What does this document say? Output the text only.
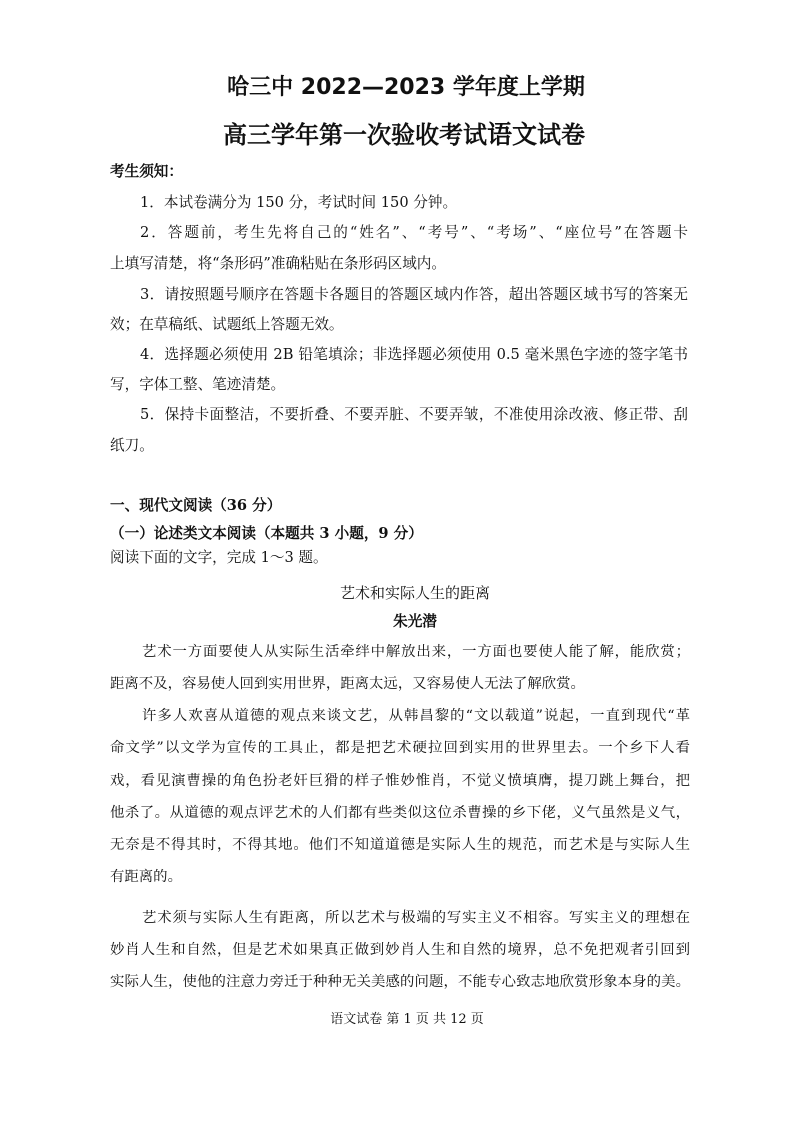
哈三中 2022—2023 学年度上学期
高三学年第一次验收考试语文试卷
考生须知：
1．本试卷满分为 150 分，考试时间 150 分钟。
2．答题前，考生先将自己的“姓名”、“考号”、“考场”、“座位号”在答题卡
上填写清楚，将“条形码”准确粘贴在条形码区域内。
3．请按照题号顺序在答题卡各题目的答题区域内作答，超出答题区域书写的答案无
效；在草稿纸、试题纸上答题无效。
4．选择题必须使用 2B 铅笔填涂；非选择题必须使用 0.5 毫米黑色字迹的签字笔书
写，字体工整、笔迹清楚。
5．保持卡面整洁，不要折叠、不要弄脏、不要弄皱，不准使用涂改液、修正带、刮
纸刀。
一、现代文阅读（36 分）
（一）论述类文本阅读（本题共 3 小题，9 分）
阅读下面的文字，完成 1～3 题。
艺术和实际人生的距离
朱光潜
艺术一方面要使人从实际生活牵绊中解放出来，一方面也要使人能了解，能欣赏；
距离不及，容易使人回到实用世界，距离太远，又容易使人无法了解欣赏。
许多人欢喜从道德的观点来谈文艺，从韩昌黎的“文以载道”说起，一直到现代“革
命文学”以文学为宣传的工具止，都是把艺术硬拉回到实用的世界里去。一个乡下人看
戏，看见演曹操的角色扮老奸巨猾的样子惟妙惟肖，不觉义愤填膺，提刀跳上舞台，把
他杀了。从道德的观点评艺术的人们都有些类似这位杀曹操的乡下佬，义气虽然是义气，
无奈是不得其时，不得其地。他们不知道道德是实际人生的规范，而艺术是与实际人生
有距离的。
艺术须与实际人生有距离，所以艺术与极端的写实主义不相容。写实主义的理想在
妙肖人生和自然，但是艺术如果真正做到妙肖人生和自然的境界，总不免把观者引回到
实际人生，使他的注意力旁迁于种种无关美感的问题，不能专心致志地欣赏形象本身的美。
语文试卷 第 1 页 共 12 页
